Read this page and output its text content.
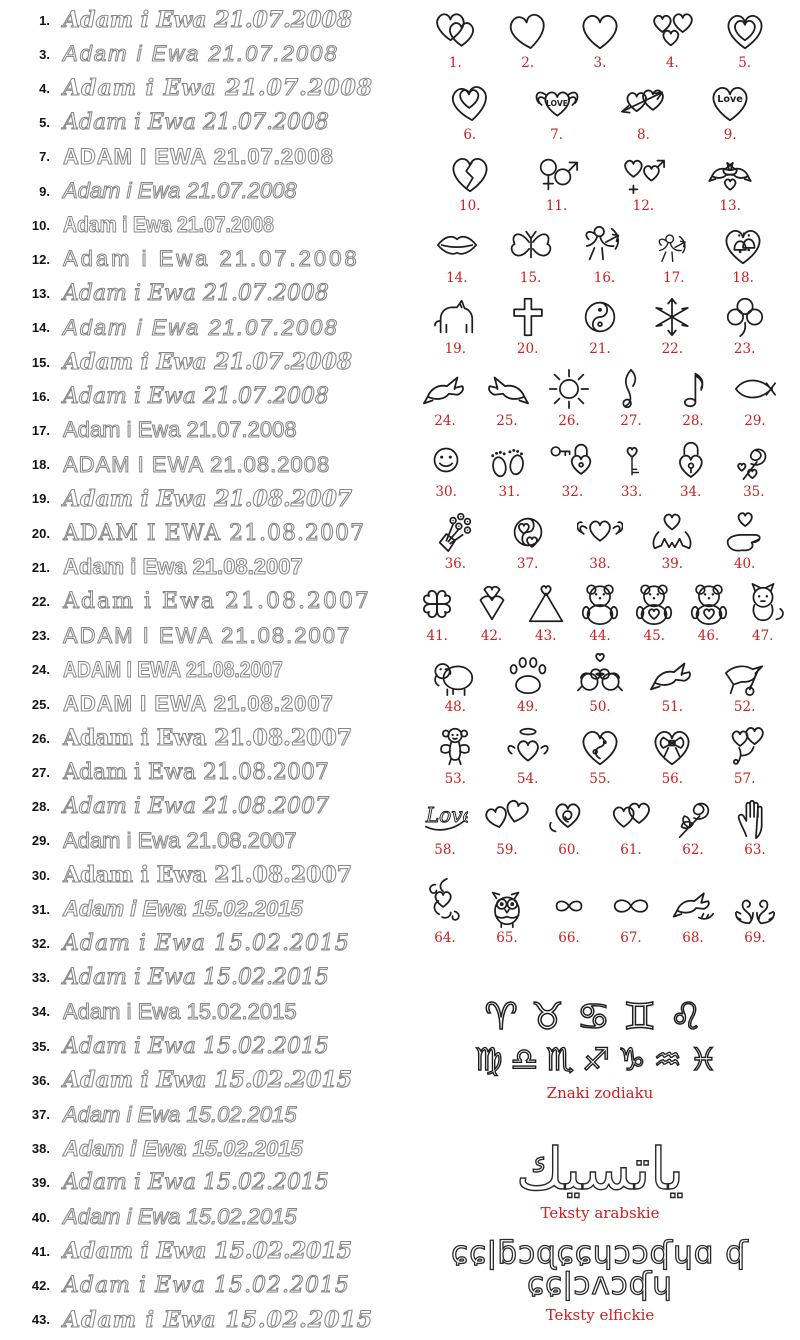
1. Adam i Ewa 21.07.2008
3. Adam i Ewa 21.07.2008
4. Adam i Ewa 21.07.2008
5. Adam i Ewa 21.07.2008
7. ADAM I EWA 21.07.2008
9. Adam i Ewa 21.07.2008
10. Adam i Ewa 21.07.2008
12. Adam i Ewa 21.07.2008
13. Adam i Ewa 21.07.2008
14. Adam i Ewa 21.07.2008
15. Adam i Ewa 21.07.2008
16. Adam i Ewa 21.07.2008
17. Adam i Ewa 21.07.2008
18. ADAM I EWA 21.08.2008
19. Adam i Ewa 21.08.2007
20. ADAM I EWA 21.08.2007
21. Adam i Ewa 21.08.2007
22. Adam i Ewa 21.08.2007
23. ADAM I EWA 21.08.2007
24. ADAM I EWA 21.08.2007
25. ADAM I EWA 21.08.2007
26. Adam i Ewa 21.08.2007
27. Adam i Ewa 21.08.2007
28. Adam i Ewa 21.08.2007
29. Adam i Ewa 21.08.2007
30. Adam i Ewa 21.08.2007
31. Adam i Ewa 15.02.2015
32. Adam i Ewa 15.02.2015
33. Adam i Ewa 15.02.2015
34. Adam i Ewa 15.02.2015
35. Adam i Ewa 15.02.2015
36. Adam i Ewa 15.02.2015
37. Adam i Ewa 15.02.2015
38. Adam i Ewa 15.02.2015
39. Adam i Ewa 15.02.2015
40. Adam i Ewa 15.02.2015
41. Adam i Ewa 15.02.2015
42. Adam i Ewa 15.02.2015
43. Adam i Ewa 15.02.2015
1.	2.	3.	4.	5.
6.	7.	8.	9.
10.	11.	12.	13.
14.	15.	16.	17.	18.
19.	20.	21.	22.	23.
24.	25.	26.	27.	28.	29.
30.	31.	32.	33.	34.	35.
36.	37.	38.	39.	40.
41. 42. 43. 44. 45. 46. 47.
48.	49.	50.	51.	52.
53.	54.	55.	56.	57.
58.	59.	60.	61.	62.	63.
64.	65.	66.	67.	68.	69.
♈♉♋♊♌
♍♎♏♐♑♒♓
Znaki zodiaku
ياتسيك
Teksty arabskie
ɕɕǀƃɔɋɕɕɥɔɔʠɥɑ ʠ ɕɕǀɔʌɔʠɥ
Teksty elfickie
